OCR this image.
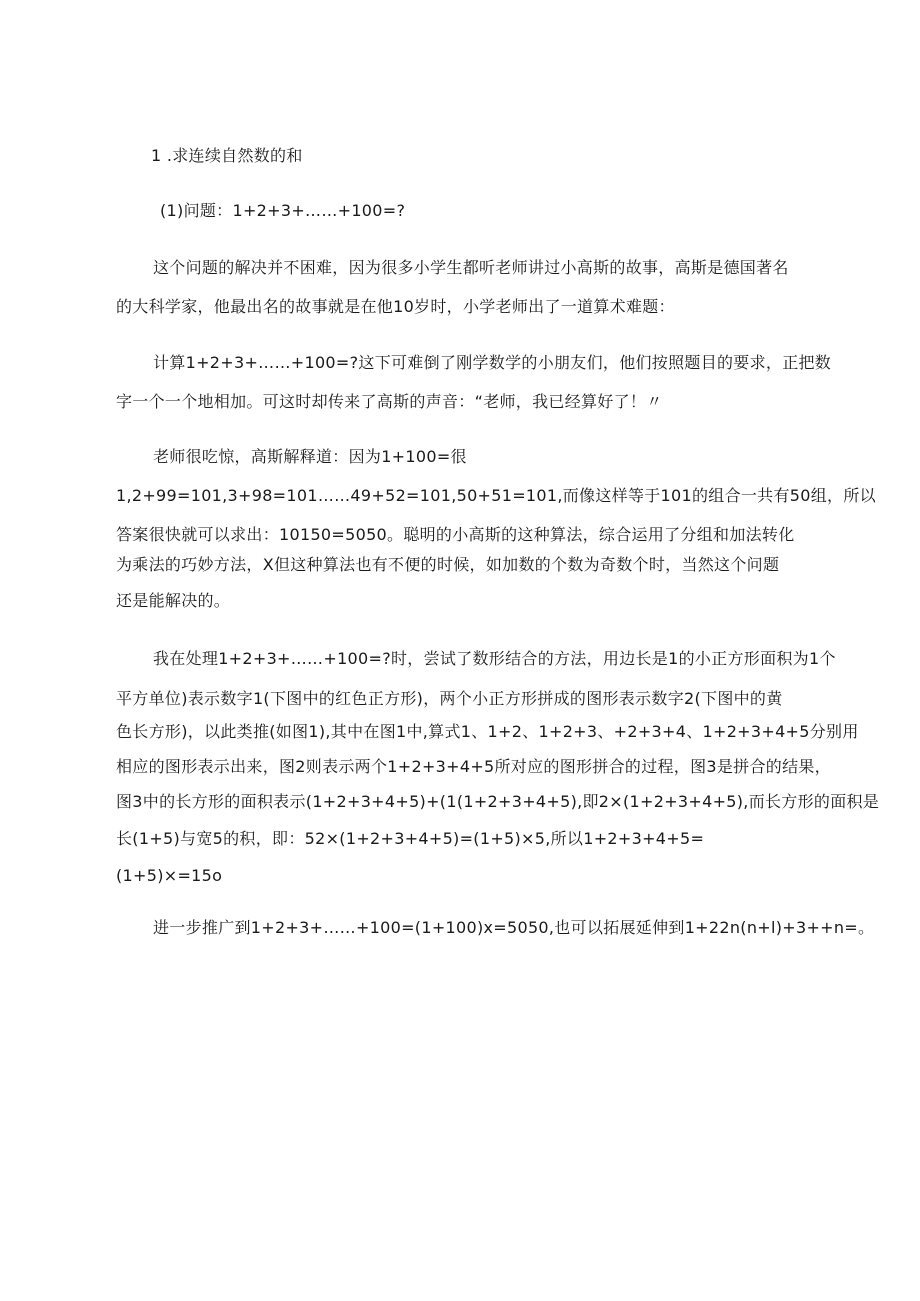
1 .求连续自然数的和
(1)问题：1+2+3+……+100=?
这个问题的解决并不困难，因为很多小学生都听老师讲过小高斯的故事，高斯是德国著名
的大科学家，他最出名的故事就是在他10岁时，小学老师出了一道算术难题：
计算1+2+3+……+100=?这下可难倒了刚学数学的小朋友们，他们按照题目的要求，正把数
字一个一个地相加。可这时却传来了高斯的声音：“老师，我已经算好了！〃
老师很吃惊，高斯解释道：因为1+100=很
1,2+99=101,3+98=101……49+52=101,50+51=101,而像这样等于101的组合一共有50组，所以
答案很快就可以求出：10150=5050。聪明的小高斯的这种算法，综合运用了分组和加法转化
为乘法的巧妙方法，X但这种算法也有不便的时候，如加数的个数为奇数个时，当然这个问题
还是能解决的。
我在处理1+2+3+……+100=?时，尝试了数形结合的方法，用边长是1的小正方形面积为1个
平方单位)表示数字1(下图中的红色正方形)，两个小正方形拼成的图形表示数字2(下图中的黄
色长方形)，以此类推(如图1),其中在图1中,算式1、1+2、1+2+3、+2+3+4、1+2+3+4+5分别用
相应的图形表示出来，图2则表示两个1+2+3+4+5所对应的图形拼合的过程，图3是拼合的结果，
图3中的长方形的面积表示(1+2+3+4+5)+(1(1+2+3+4+5),即2×(1+2+3+4+5),而长方形的面积是
长(1+5)与宽5的积，即：52×(1+2+3+4+5)=(1+5)×5,所以1+2+3+4+5=
(1+5)×=15o
进一步推广到1+2+3+……+100=(1+100)x=5050,也可以拓展延伸到1+22n(n+l)+3++n=。
